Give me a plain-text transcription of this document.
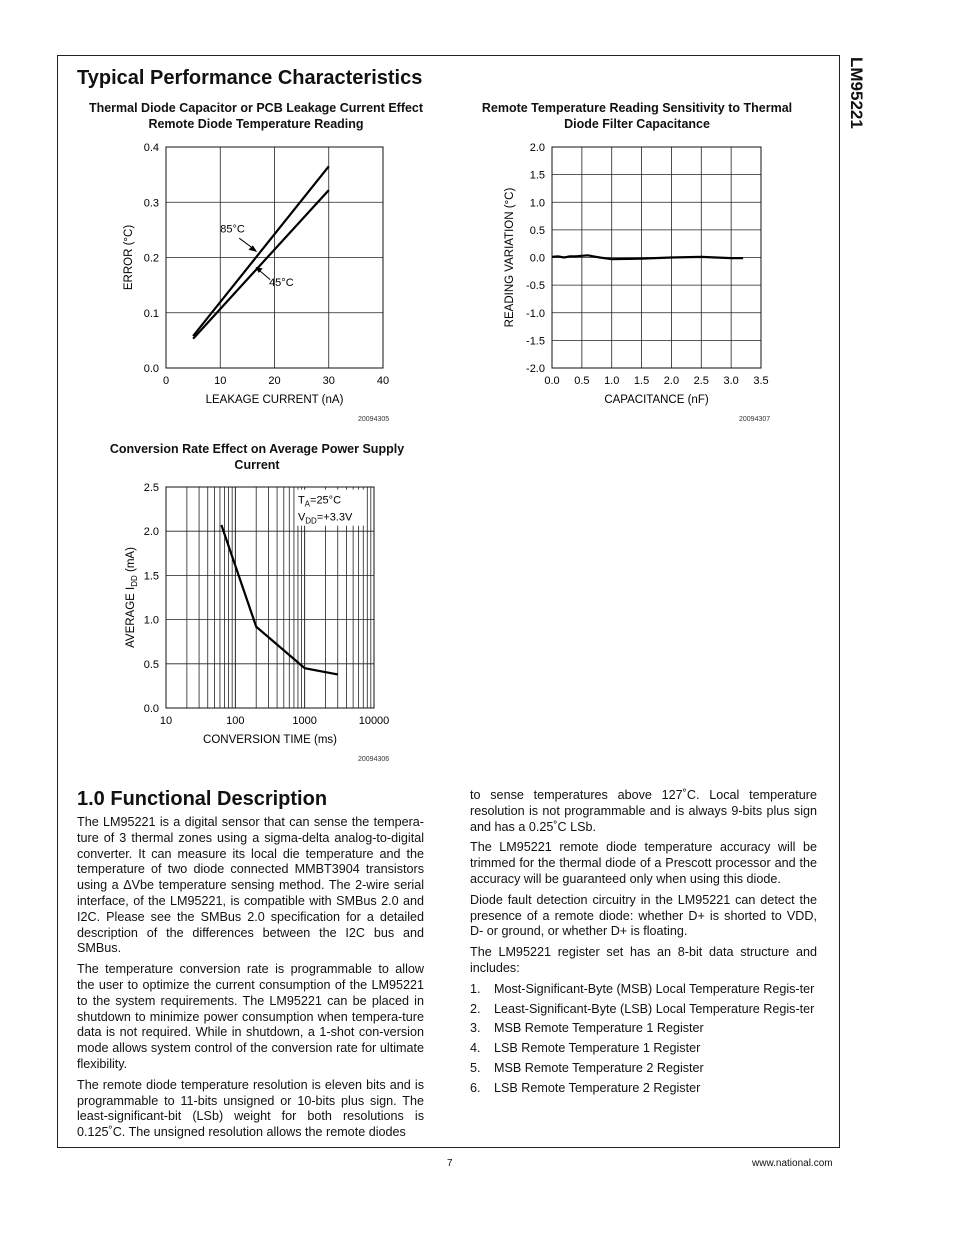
LM95221
Typical Performance Characteristics
Thermal Diode Capacitor or PCB Leakage Current Effect
Remote Diode Temperature Reading
0	10	20	30	40
0.0
0.1
0.2
0.3
0.4
LEAKAGE CURRENT (nA)
ERROR (°C)	85°C
45°C
20094305
Remote Temperature Reading Sensitivity to Thermal
Diode Filter Capacitance
0.0 0.5 1.0 1.5 2.0 2.5 3.0 3.5
2.0
1.5
1.0
0.5
0.0
-0.5
-1.0
-1.5
-2.0
CAPACITANCE (nF)
READING VARIATION (°C)
20094307
Conversion Rate Effect on Average Power Supply
Current
10	100	1000	10000
0.0
0.5
1.0
1.5
2.0
2.5
CONVERSION TIME (ms)
AVERAGE $I_{DD}$ (mA)
$T_A=25^\circ C$
$V_{DD}=+3.3V$
20094306
1.0 Functional Description

The LM95221 is a digital sensor that can sense the tempera-ture of 3 thermal zones using a sigma-delta analog-to-digital converter. It can measure its local die temperature and the temperature of two diode connected MMBT3904 transistors using a ΔVbe temperature sensing method. The 2-wire serial interface, of the LM95221, is compatible with SMBus 2.0 and I2C. Please see the SMBus 2.0 specification for a detailed description of the differences between the I2C bus and SMBus.

The temperature conversion rate is programmable to allow the user to optimize the current consumption of the LM95221 to the system requirements. The LM95221 can be placed in shutdown to minimize power consumption when tempera-ture data is not required. While in shutdown, a 1-shot con-version mode allows system control of the conversion rate for ultimate flexibility.

The remote diode temperature resolution is eleven bits and is programmable to 11-bits unsigned or 10-bits plus sign. The least-significant-bit (LSb) weight for both resolutions is 0.125˚C. The unsigned resolution allows the remote diodes

to sense temperatures above 127˚C. Local temperature resolution is not programmable and is always 9-bits plus sign and has a 0.25˚C LSb.

The LM95221 remote diode temperature accuracy will be trimmed for the thermal diode of a Prescott processor and the accuracy will be guaranteed only when using this diode.

Diode fault detection circuitry in the LM95221 can detect the presence of a remote diode: whether D+ is shorted to VDD, D- or ground, or whether D+ is floating.

The LM95221 register set has an 8-bit data structure and includes:

1. Most-Significant-Byte (MSB) Local Temperature Regis-ter
2. Least-Significant-Byte (LSB) Local Temperature Regis-ter
3. MSB Remote Temperature 1 Register
4. LSB Remote Temperature 1 Register
5. MSB Remote Temperature 2 Register
6. LSB Remote Temperature 2 Register
7	www.national.com
